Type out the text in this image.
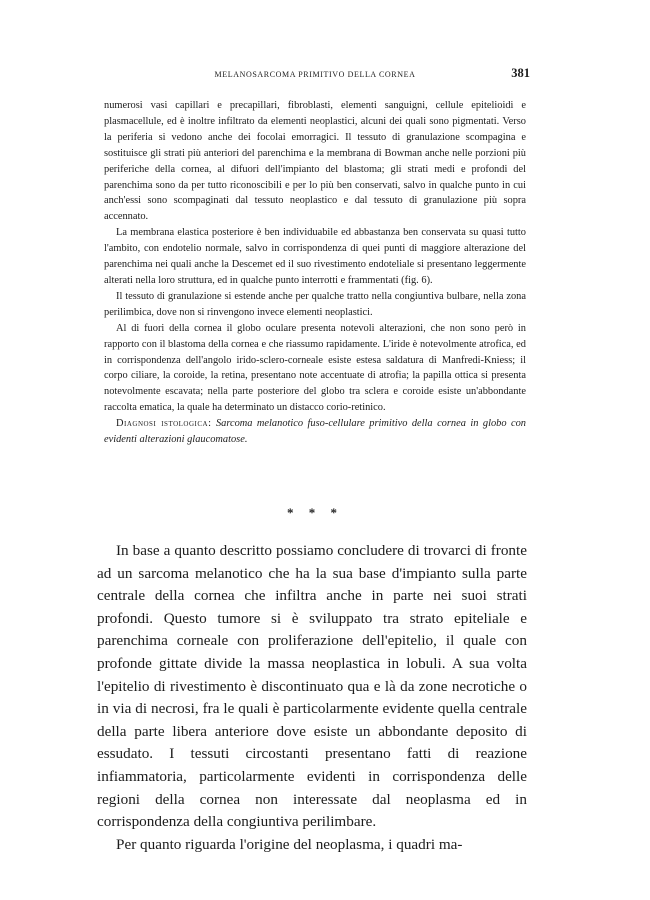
MELANOSARCOMA PRIMITIVO DELLA CORNEA	381

numerosi vasi capillari e precapillari, fibroblasti, elementi sanguigni, cellule epitelioidi e plasmacellule, ed è inoltre infiltrato da elementi neoplastici, alcuni dei quali sono pigmentati. Verso la periferia si vedono anche dei focolai emorragici. Il tessuto di granulazione scompagina e sostituisce gli strati più anteriori del parenchima e la membrana di Bowman anche nelle porzioni più periferiche della cornea, al difuori dell'impianto del blastoma; gli strati medi e profondi del parenchima sono da per tutto riconoscibili e per lo più ben conservati, salvo in qualche punto in cui anch'essi sono scompaginati dal tessuto neoplastico e dal tessuto di granulazione più sopra accennato.

La membrana elastica posteriore è ben individuabile ed abbastanza ben conservata su quasi tutto l'ambito, con endotelio normale, salvo in corrispondenza di quei punti di maggiore alterazione del parenchima nei quali anche la Descemet ed il suo rivestimento endoteliale si presentano leggermente alterati nella loro struttura, ed in qualche punto interrotti e frammentati (fig. 6).

Il tessuto di granulazione si estende anche per qualche tratto nella congiuntiva bulbare, nella zona perilimbica, dove non si rinvengono invece elementi neoplastici.

Al di fuori della cornea il globo oculare presenta notevoli alterazioni, che non sono però in rapporto con il blastoma della cornea e che riassumo rapidamente. L'iride è notevolmente atrofica, ed in corrispondenza dell'angolo irido-sclero-corneale esiste estesa saldatura di Manfredi-Kniess; il corpo ciliare, la coroide, la retina, presentano note accentuate di atrofia; la papilla ottica si presenta notevolmente escavata; nella parte posteriore del globo tra sclera e coroide esiste un'abbondante raccolta ematica, la quale ha determinato un distacco corio-retinico.

Diagnosi istologica: Sarcoma melanotico fuso-cellulare primitivo della cornea in globo con evidenti alterazioni glaucomatose.

* * *

In base a quanto descritto possiamo concludere di trovarci di fronte ad un sarcoma melanotico che ha la sua base d'impianto sulla parte centrale della cornea che infiltra anche in parte nei suoi strati profondi. Questo tumore si è sviluppato tra strato epiteliale e parenchima corneale con proliferazione dell'epitelio, il quale con profonde gittate divide la massa neoplastica in lobuli. A sua volta l'epitelio di rivestimento è discontinuato qua e là da zone necrotiche o in via di necrosi, fra le quali è particolarmente evidente quella centrale della parte libera anteriore dove esiste un abbondante deposito di essudato. I tessuti circostanti presentano fatti di reazione infiammatoria, particolarmente evidenti in corrispondenza delle regioni della cornea non interessate dal neoplasma ed in corrispondenza della congiuntiva perilimbare.

Per quanto riguarda l'origine del neoplasma, i quadri ma-
